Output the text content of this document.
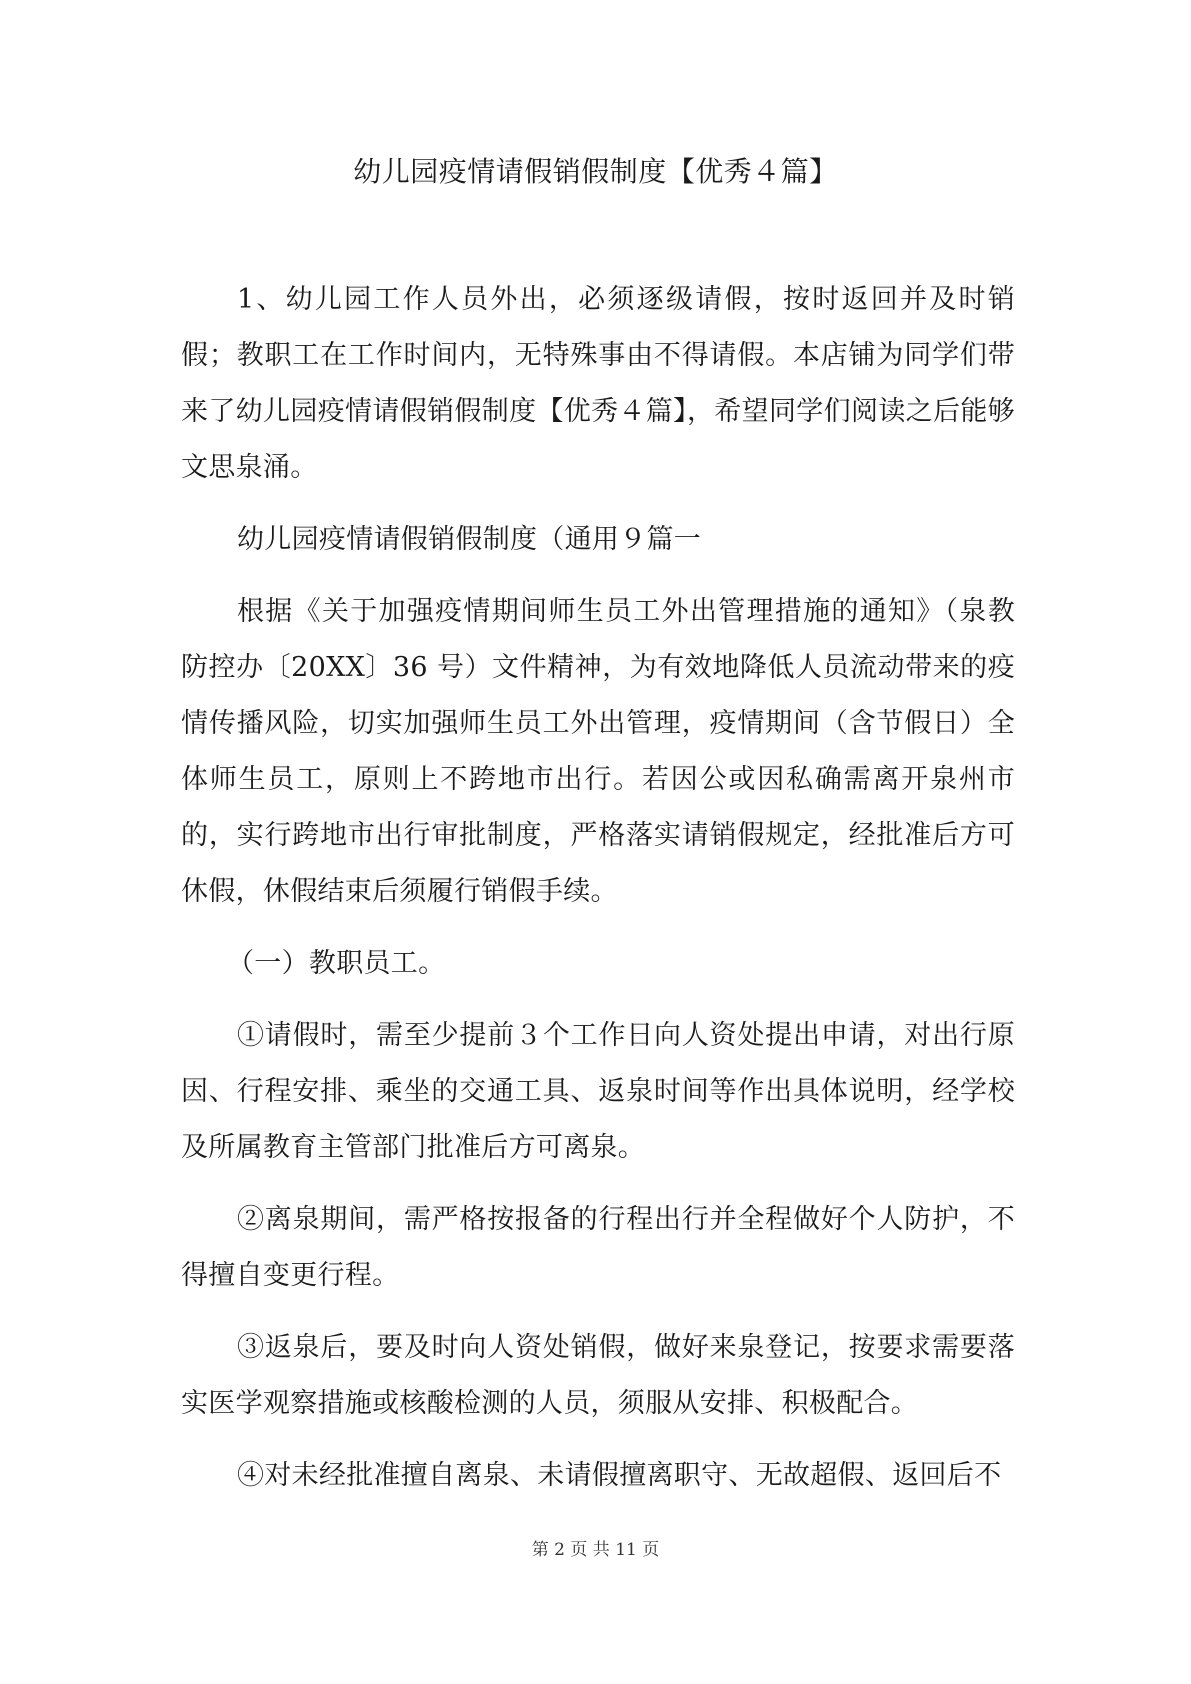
幼儿园疫情请假销假制度【优秀４篇】

1、幼儿园工作人员外出，必须逐级请假，按时返回并及时销假；教职工在工作时间内，无特殊事由不得请假。本店铺为同学们带来了幼儿园疫情请假销假制度【优秀４篇】，希望同学们阅读之后能够文思泉涌。

幼儿园疫情请假销假制度（通用９篇一

根据《关于加强疫情期间师生员工外出管理措施的通知》（泉教防控办〔20XX〕36 号）文件精神，为有效地降低人员流动带来的疫情传播风险，切实加强师生员工外出管理，疫情期间（含节假日）全体师生员工，原则上不跨地市出行。若因公或因私确需离开泉州市的，实行跨地市出行审批制度，严格落实请销假规定，经批准后方可休假，休假结束后须履行销假手续。

（一）教职员工。

①请假时，需至少提前３个工作日向人资处提出申请，对出行原因、行程安排、乘坐的交通工具、返泉时间等作出具体说明，经学校及所属教育主管部门批准后方可离泉。

②离泉期间，需严格按报备的行程出行并全程做好个人防护，不得擅自变更行程。

③返泉后，要及时向人资处销假，做好来泉登记，按要求需要落实医学观察措施或核酸检测的人员，须服从安排、积极配合。

④对未经批准擅自离泉、未请假擅离职守、无故超假、返回后不

第 2 页 共 11 页
